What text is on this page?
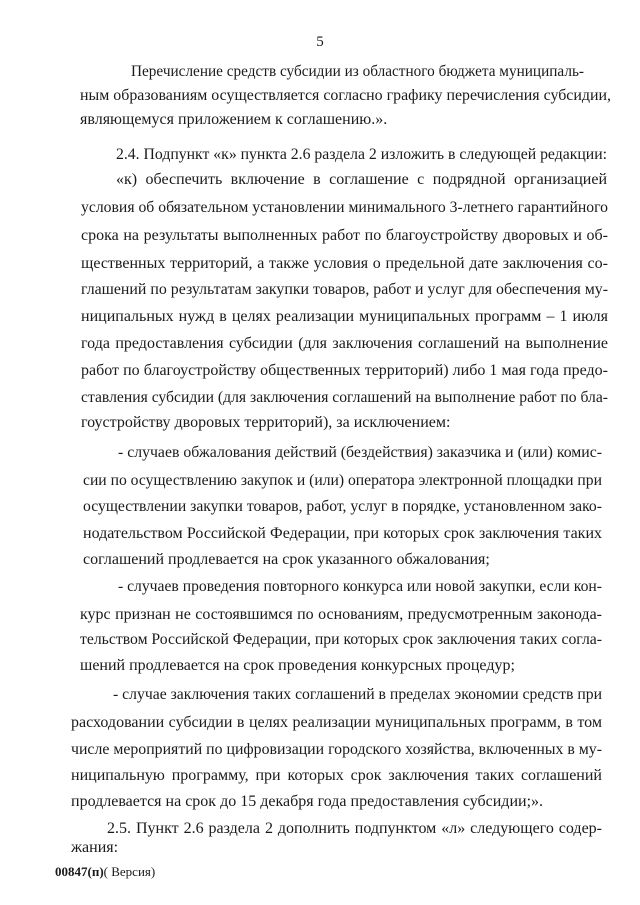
5
Перечисление средств субсидии из областного бюджета муниципаль-
ным образованиям осуществляется согласно графику перечисления субсидии,
являющемуся приложением к соглашению.».
2.4. Подпункт «к» пункта 2.6 раздела 2 изложить в следующей редакции:
«к) обеспечить включение в соглашение с подрядной организацией
условия об обязательном установлении минимального 3-летнего гарантийного
срока на результаты выполненных работ по благоустройству дворовых и об-
щественных территорий, а также условия о предельной дате заключения со-
глашений по результатам закупки товаров, работ и услуг для обеспечения му-
ниципальных нужд в целях реализации муниципальных программ – 1 июля
года предоставления субсидии (для заключения соглашений на выполнение
работ по благоустройству общественных территорий) либо 1 мая года предо-
ставления субсидии (для заключения соглашений на выполнение работ по бла-
гоустройству дворовых территорий), за исключением:
- случаев обжалования действий (бездействия) заказчика и (или) комис-
сии по осуществлению закупок и (или) оператора электронной площадки при
осуществлении закупки товаров, работ, услуг в порядке, установленном зако-
нодательством Российской Федерации, при которых срок заключения таких
соглашений продлевается на срок указанного обжалования;
- случаев проведения повторного конкурса или новой закупки, если кон-
курс признан не состоявшимся по основаниям, предусмотренным законода-
тельством Российской Федерации, при которых срок заключения таких согла-
шений продлевается на срок проведения конкурсных процедур;
- случае заключения таких соглашений в пределах экономии средств при
расходовании субсидии в целях реализации муниципальных программ, в том
числе мероприятий по цифровизации городского хозяйства, включенных в му-
ниципальную программу, при которых срок заключения таких соглашений
продлевается на срок до 15 декабря года предоставления субсидии;».
2.5. Пункт 2.6 раздела 2 дополнить подпунктом «л» следующего содер-
жания:
00847(п)( Версия)
